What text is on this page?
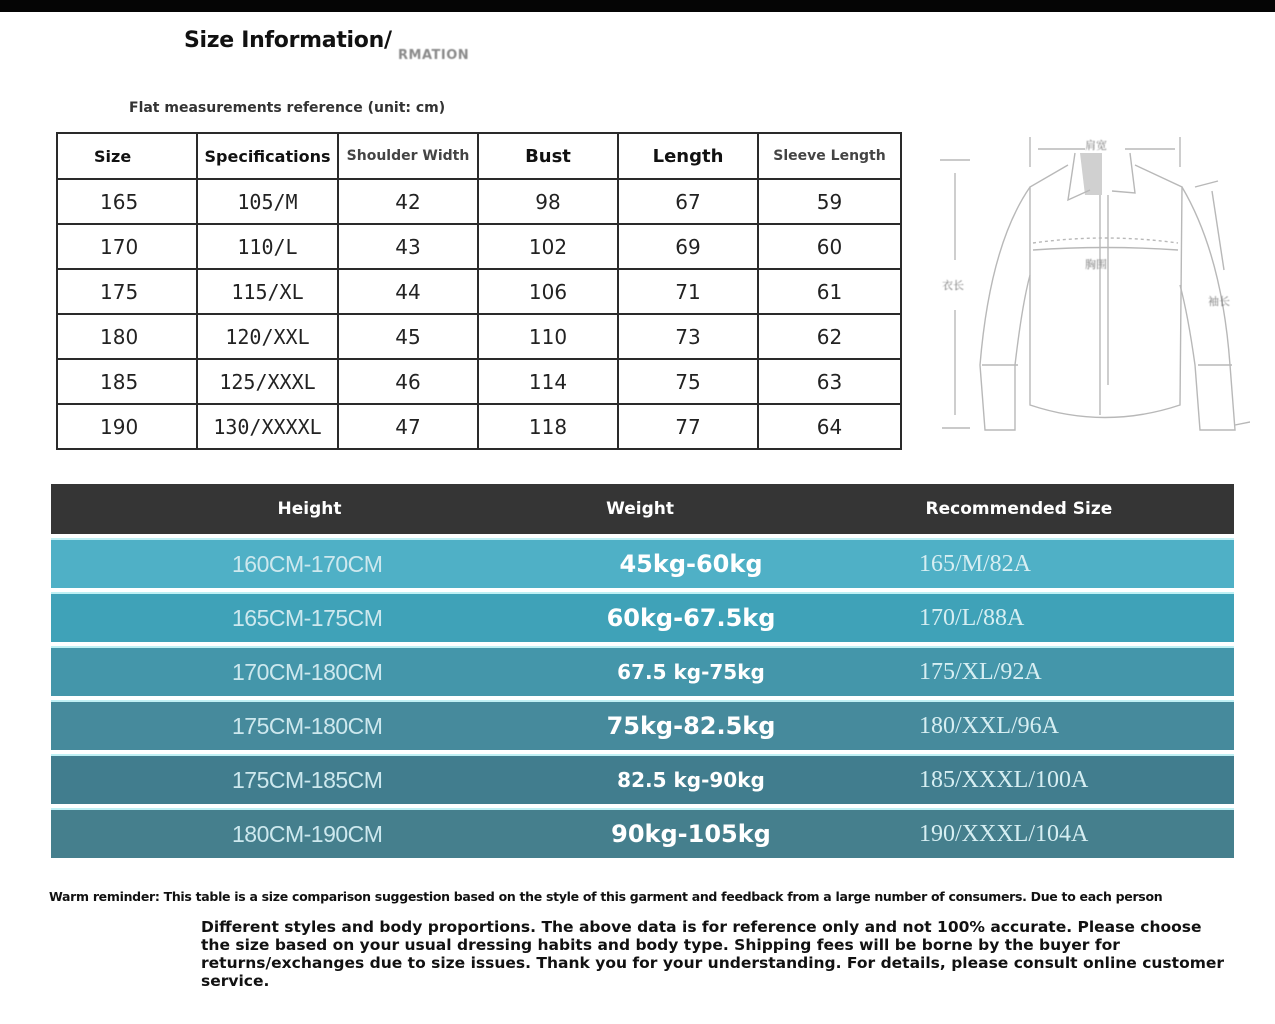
Size Information/
RMATION
Flat measurements reference (unit: cm)
Size	Specifications	Shoulder Width	Bust	Length	Sleeve Length
165	105/M	42	98	67	59
170	110/L	43	102	69	60
175	115/XL	44	106	71	61
180	120/XXL	45	110	73	62
185	125/XXXL	46	114	75	63
190	130/XXXXL	47	118	77	64
肩宽
胸围
衣长
袖长
Height	Weight	Recommended Size
160CM-170CM	45kg-60kg	165/M/82A
165CM-175CM	60kg-67.5kg	170/L/88A
170CM-180CM	67.5 kg-75kg	175/XL/92A
175CM-180CM	75kg-82.5kg	180/XXL/96A
175CM-185CM	82.5 kg-90kg	185/XXXL/100A
180CM-190CM	90kg-105kg	190/XXXL/104A
Warm reminder: This table is a size comparison suggestion based on the style of this garment and feedback from a large number of consumers. Due to each person
Different styles and body proportions. The above data is for reference only and not 100% accurate. Please choose the size based on your usual dressing habits and body type. Shipping fees will be borne by the buyer for returns/exchanges due to size issues. Thank you for your understanding. For details, please consult online customer service.
